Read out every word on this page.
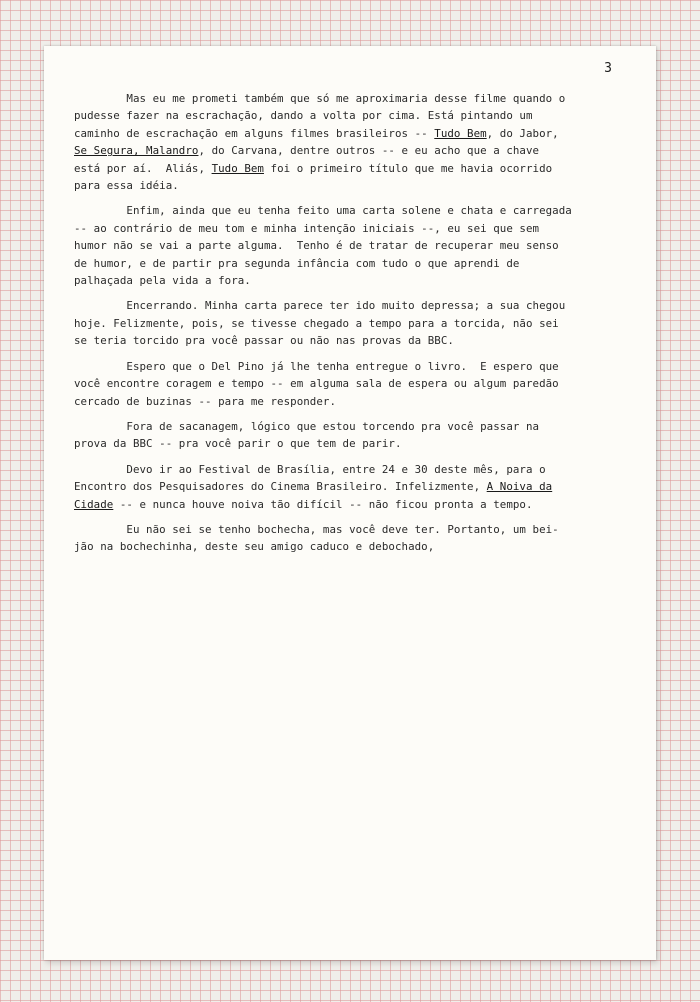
3
Mas eu me prometi também que só me aproximaria desse filme quando o
pudesse fazer na escrachação, dando a volta por cima. Está pintando um
caminho de escrachação em alguns filmes brasileiros -- Tudo Bem, do Jabor,
Se Segura, Malandro, do Carvana, dentre outros -- e eu acho que a chave
está por aí.  Aliás, Tudo Bem foi o primeiro título que me havia ocorrido
para essa idéia.
Enfim, ainda que eu tenha feito uma carta solene e chata e carregada
-- ao contrário de meu tom e minha intenção iniciais --, eu sei que sem
humor não se vai a parte alguma.  Tenho é de tratar de recuperar meu senso
de humor, e de partir pra segunda infância com tudo o que aprendi de
palhaçada pela vida a fora.
Encerrando. Minha carta parece ter ido muito depressa; a sua chegou
hoje. Felizmente, pois, se tivesse chegado a tempo para a torcida, não sei
se teria torcido pra você passar ou não nas provas da BBC.
Espero que o Del Pino já lhe tenha entregue o livro.  E espero que
você encontre coragem e tempo -- em alguma sala de espera ou algum paredão
cercado de buzinas -- para me responder.
Fora de sacanagem, lógico que estou torcendo pra você passar na
prova da BBC -- pra você parir o que tem de parir.
Devo ir ao Festival de Brasília, entre 24 e 30 deste mês, para o
Encontro dos Pesquisadores do Cinema Brasileiro. Infelizmente, A Noiva da
Cidade -- e nunca houve noiva tão difícil -- não ficou pronta a tempo.
Eu não sei se tenho bochecha, mas você deve ter. Portanto, um bei-
jão na bochechinha, deste seu amigo caduco e debochado,
